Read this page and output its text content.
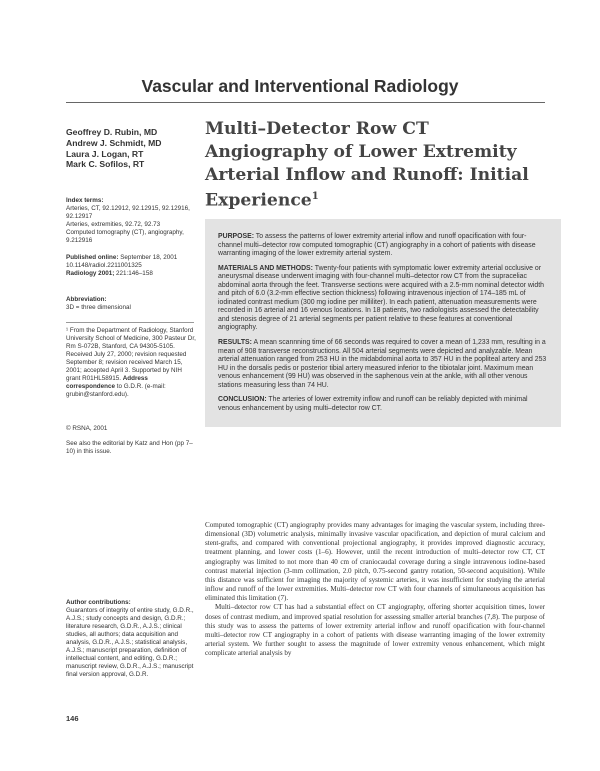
Vascular and Interventional Radiology
Geoffrey D. Rubin, MD
Andrew J. Schmidt, MD
Laura J. Logan, RT
Mark C. Sofilos, RT
Index terms:
Arteries, CT, 92.12912, 92.12915, 92.12916, 92.12917
Arteries, extremities, 92.72, 92.73
Computed tomography (CT), angiography, 9.212916
Published online: September 18, 2001
10.1148/radiol.2211001325
Radiology 2001; 221:146–158
Abbreviation:
3D = three dimensional
¹ From the Department of Radiology, Stanford University School of Medicine, 300 Pasteur Dr, Rm S-072B, Stanford, CA 94305-5105. Received July 27, 2000; revision requested September 8; revision received March 15, 2001; accepted April 3. Supported by NIH grant R01HL58915. Address correspondence to G.D.R. (e-mail: grubin@stanford.edu).
© RSNA, 2001
See also the editorial by Katz and Hon (pp 7–10) in this issue.
Author contributions:
Guarantors of integrity of entire study, G.D.R., A.J.S.; study concepts and design, G.D.R.; literature research, G.D.R., A.J.S.; clinical studies, all authors; data acquisition and analysis, G.D.R., A.J.S.; statistical analysis, A.J.S.; manuscript preparation, definition of intellectual content, and editing, G.D.R.; manuscript review, G.D.R., A.J.S.; manuscript final version approval, G.D.R.
Multi–Detector Row CT Angiography of Lower Extremity Arterial Inflow and Runoff: Initial Experience$^1$

PURPOSE: To assess the patterns of lower extremity arterial inflow and runoff opacification with four-channel multi–detector row computed tomographic (CT) angiography in a cohort of patients with disease warranting imaging of the lower extremity arterial system.

MATERIALS AND METHODS: Twenty-four patients with symptomatic lower extremity arterial occlusive or aneurysmal disease underwent imaging with four-channel multi–detector row CT from the supraceliac abdominal aorta through the feet. Transverse sections were acquired with a 2.5-mm nominal detector width and pitch of 6.0 (3.2-mm effective section thickness) following intravenous injection of 174–185 mL of iodinated contrast medium (300 mg iodine per milliliter). In each patient, attenuation measurements were recorded in 16 arterial and 16 venous locations. In 18 patients, two radiologists assessed the detectability and stenosis degree of 21 arterial segments per patient relative to these features at conventional angiography.

RESULTS: A mean scannning time of 66 seconds was required to cover a mean of 1,233 mm, resulting in a mean of 908 transverse reconstructions. All 504 arterial segments were depicted and analyzable. Mean arterial attenuation ranged from 253 HU in the midabdominal aorta to 357 HU in the popliteal artery and 253 HU in the dorsalis pedis or posterior tibial artery measured inferior to the tibiotalar joint. Maximum mean venous enhancement (99 HU) was observed in the saphenous vein at the ankle, with all other venous stations measuring less than 74 HU.

CONCLUSION: The arteries of lower extremity inflow and runoff can be reliably depicted with minimal venous enhancement by using multi–detector row CT.

Computed tomographic (CT) angiography provides many advantages for imaging the vascular system, including three-dimensional (3D) volumetric analysis, minimally invasive vascular opacification, and depiction of mural calcium and stent-grafts, and compared with conventional projectional angiography, it provides improved diagnostic accuracy, treatment planning, and lower costs (1–6). However, until the recent introduction of multi–detector row CT, CT angiography was limited to not more than 40 cm of craniocaudal coverage during a single intravenous iodine-based contrast material injection (3-mm collimation, 2.0 pitch, 0.75-second gantry rotation, 50-second acquisition). While this distance was sufficient for imaging the majority of systemic arteries, it was insufficient for studying the arterial inflow and runoff of the lower extremities. Multi–detector row CT with four channels of simultaneous acquisition has eliminated this limitation (7).

Multi–detector row CT has had a substantial effect on CT angiography, offering shorter acquisition times, lower doses of contrast medium, and improved spatial resolution for assessing smaller arterial branches (7,8). The purpose of this study was to assess the patterns of lower extremity arterial inflow and runoff opacification with four-channel multi–detector row CT angiography in a cohort of patients with disease warranting imaging of the lower extremity arterial system. We further sought to assess the magnitude of lower extremity venous enhancement, which might complicate arterial analysis by

146
